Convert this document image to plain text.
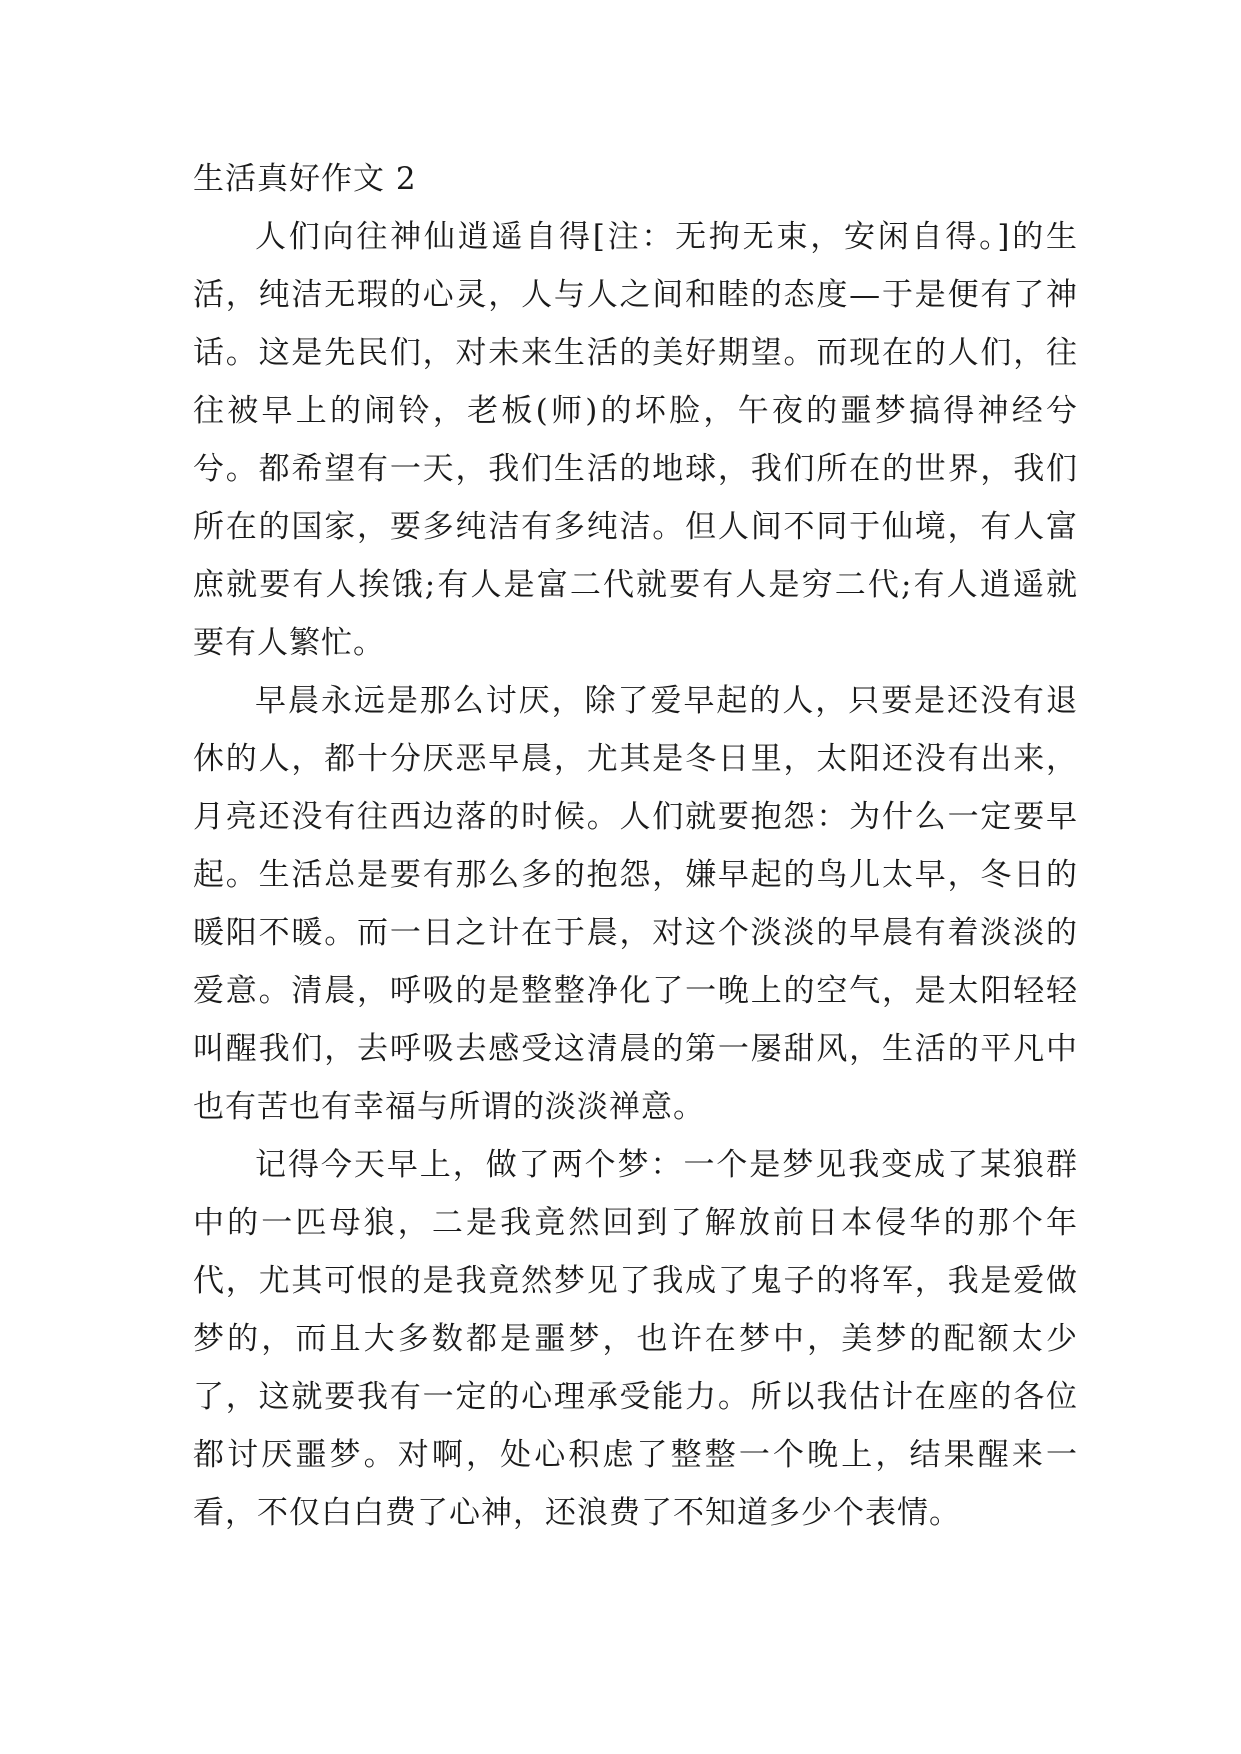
生活真好作文 2

人们向往神仙逍遥自得[注：无拘无束，安闲自得。]的生活，纯洁无瑕的心灵，人与人之间和睦的态度—于是便有了神话。这是先民们，对未来生活的美好期望。而现在的人们，往往被早上的闹铃，老板(师)的坏脸，午夜的噩梦搞得神经兮兮。都希望有一天，我们生活的地球，我们所在的世界，我们所在的国家，要多纯洁有多纯洁。但人间不同于仙境，有人富庶就要有人挨饿;有人是富二代就要有人是穷二代;有人逍遥就要有人繁忙。

早晨永远是那么讨厌，除了爱早起的人，只要是还没有退休的人，都十分厌恶早晨，尤其是冬日里，太阳还没有出来，月亮还没有往西边落的时候。人们就要抱怨：为什么一定要早起。生活总是要有那么多的抱怨，嫌早起的鸟儿太早，冬日的暖阳不暖。而一日之计在于晨，对这个淡淡的早晨有着淡淡的爱意。清晨，呼吸的是整整净化了一晚上的空气，是太阳轻轻叫醒我们，去呼吸去感受这清晨的第一屡甜风，生活的平凡中也有苦也有幸福与所谓的淡淡禅意。

记得今天早上，做了两个梦：一个是梦见我变成了某狼群中的一匹母狼，二是我竟然回到了解放前日本侵华的那个年代，尤其可恨的是我竟然梦见了我成了鬼子的将军，我是爱做梦的，而且大多数都是噩梦，也许在梦中，美梦的配额太少了，这就要我有一定的心理承受能力。所以我估计在座的各位都讨厌噩梦。对啊，处心积虑了整整一个晚上，结果醒来一看，不仅白白费了心神，还浪费了不知道多少个表情。
